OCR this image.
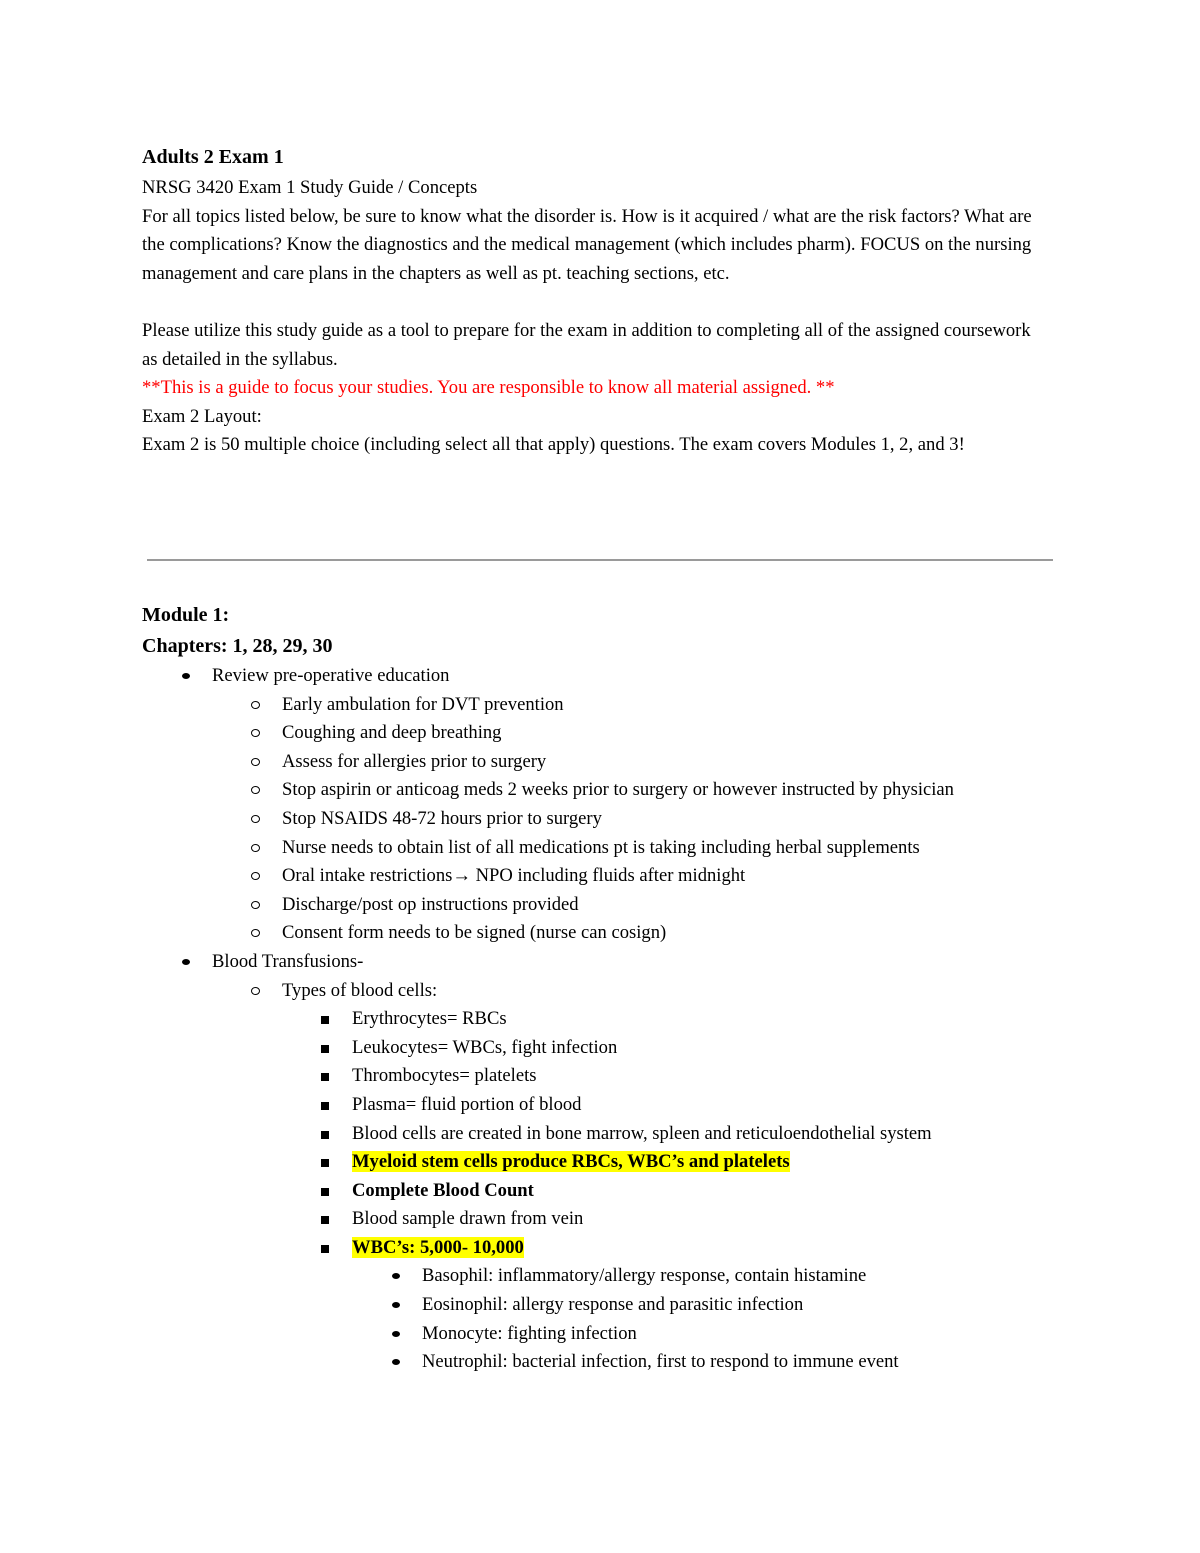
Adults 2 Exam 1

NRSG 3420 Exam 1 Study Guide / Concepts

For all topics listed below, be sure to know what the disorder is. How is it acquired / what are the risk factors? What are the complications? Know the diagnostics and the medical management (which includes pharm). FOCUS on the nursing management and care plans in the chapters as well as pt. teaching sections, etc.

Please utilize this study guide as a tool to prepare for the exam in addition to completing all of the assigned coursework as detailed in the syllabus.

**This is a guide to focus your studies. You are responsible to know all material assigned. **

Exam 2 Layout:

Exam 2 is 50 multiple choice (including select all that apply) questions. The exam covers Modules 1, 2, and 3!

Module 1:

Chapters: 1, 28, 29, 30

Review pre-operative education
Early ambulation for DVT prevention
Coughing and deep breathing
Assess for allergies prior to surgery
Stop aspirin or anticoag meds 2 weeks prior to surgery or however instructed by physician
Stop NSAIDS 48-72 hours prior to surgery
Nurse needs to obtain list of all medications pt is taking including herbal supplements
Oral intake restrictions→ NPO including fluids after midnight
Discharge/post op instructions provided
Consent form needs to be signed (nurse can cosign)
Blood Transfusions-
Types of blood cells:
Erythrocytes= RBCs
Leukocytes= WBCs, fight infection
Thrombocytes= platelets
Plasma= fluid portion of blood
Blood cells are created in bone marrow, spleen and reticuloendothelial system
Myeloid stem cells produce RBCs, WBC’s and platelets
Complete Blood Count
Blood sample drawn from vein
WBC’s: 5,000- 10,000
Basophil: inflammatory/allergy response, contain histamine
Eosinophil: allergy response and parasitic infection
Monocyte: fighting infection
Neutrophil: bacterial infection, first to respond to immune event
